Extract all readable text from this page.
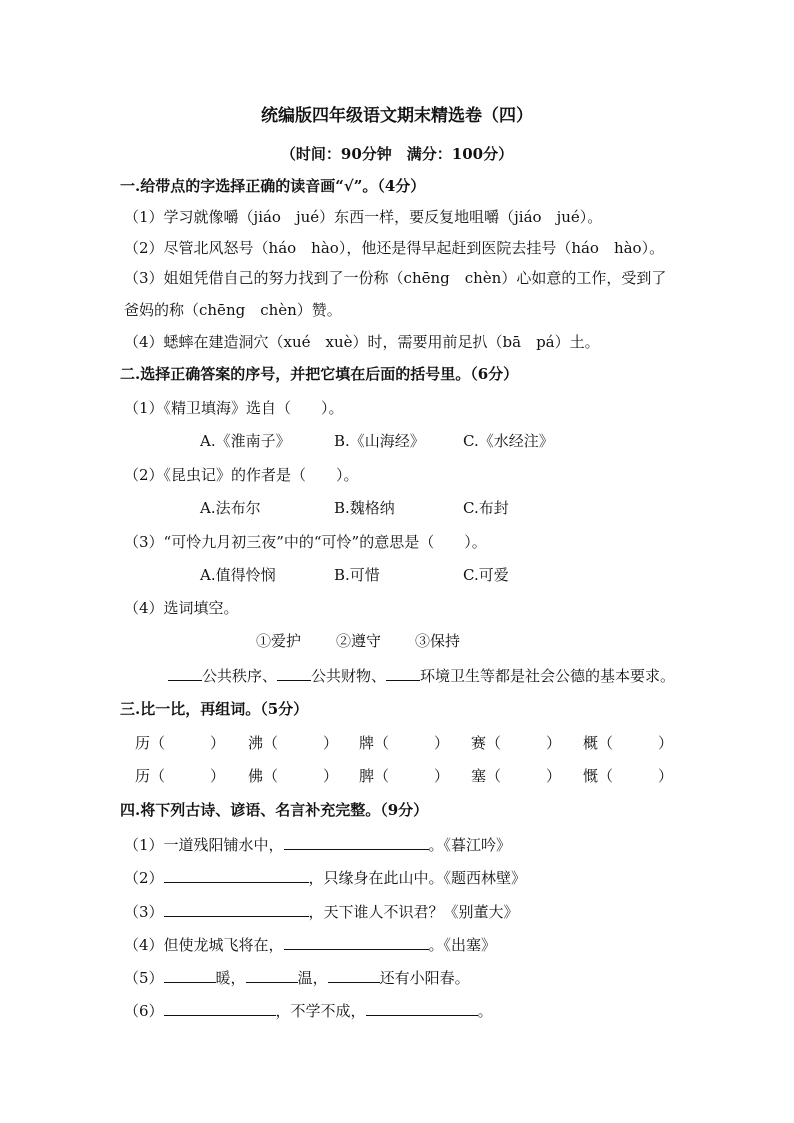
统编版四年级语文期末精选卷（四）
（时间：90分钟　满分：100分）
一.给带点的字选择正确的读音画“√”。（4分）
（1）学习就像嚼（jiáo　jué）东西一样，要反复地咀嚼（jiáo　jué）。
（2）尽管北风怒号（háo　hào），他还是得早起赶到医院去挂号（háo　hào）。
（3）姐姐凭借自己的努力找到了一份称（chēng　chèn）心如意的工作，受到了
爸妈的称（chēng　chèn）赞。
（4）蟋蟀在建造洞穴（xué　xuè）时，需要用前足扒（bā　pá）土。
二.选择正确答案的序号，并把它填在后面的括号里。（6分）
（1）《精卫填海》选自（　　）。
A.《淮南子》	B.《山海经》	C.《水经注》
（2）《昆虫记》的作者是（　　）。
A.法布尔	B.魏格纳	C.布封
（3）“可怜九月初三夜”中的“可怜”的意思是（　　）。
A.值得怜悯	B.可惜	C.可爱
（4）选词填空。
①爱护 ②遵守 ③保持
公共秩序、 公共财物、 环境卫生等都是社会公德的基本要求。
三.比一比，再组词。（5分）
历（　　　） 沸（　　　） 牌（　　　） 赛（　　　） 概（　　　）
历（　　　） 佛（　　　） 脾（　　　） 塞（　　　） 慨（　　　）
四.将下列古诗、谚语、名言补充完整。（9分）
（1）一道残阳铺水中，	。《暮江吟》
（2）	，只缘身在此山中。《题西林壁》
（3）	，天下谁人不识君？《别董大》
（4）但使龙城飞将在，	。《出塞》
（5）	暖，	温，	还有小阳春。
（6）	，不学不成，	。
